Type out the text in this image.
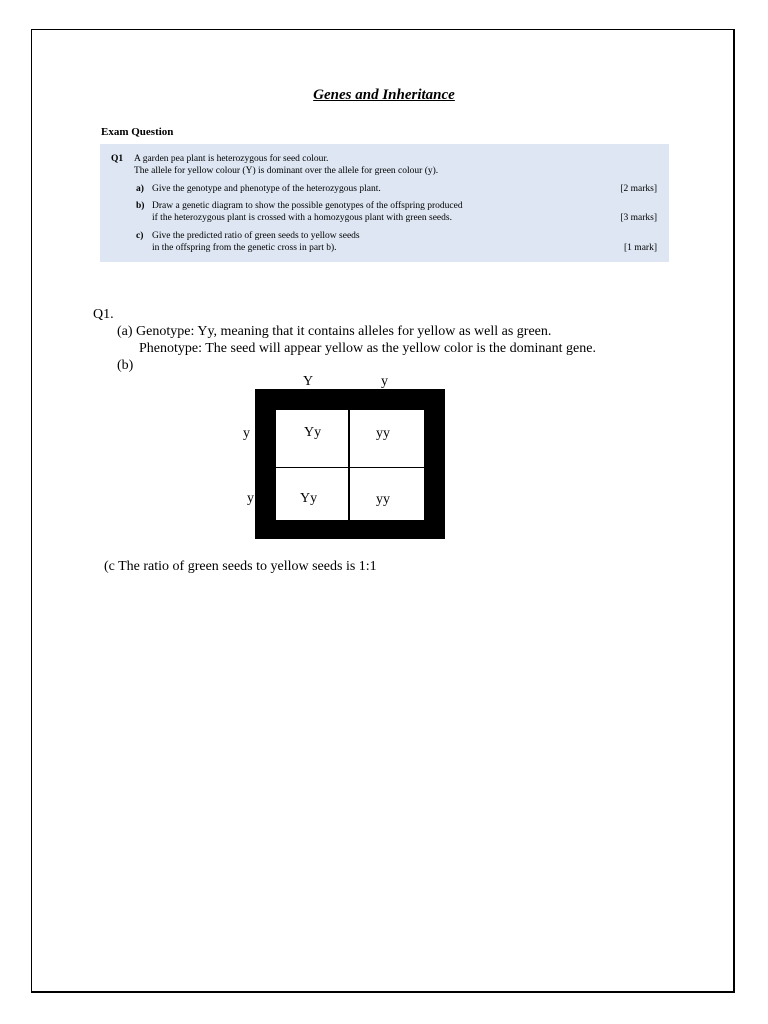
Genes and Inheritance
Exam Question
Q1 A garden pea plant is heterozygous for seed colour.
The allele for yellow colour (Y) is dominant over the allele for green colour (y).
a) Give the genotype and phenotype of the heterozygous plant.	[2 marks]
b) Draw a genetic diagram to show the possible genotypes of the offspring produced
if the heterozygous plant is crossed with a homozygous plant with green seeds.	[3 marks]
c) Give the predicted ratio of green seeds to yellow seeds
in the offspring from the genetic cross in part b).	[1 mark]
Q1.
(a) Genotype: Yy, meaning that it contains alleles for yellow as well as green.
Phenotype: The seed will appear yellow as the yellow color is the dominant gene.
(b)
Y	y
y
y
Yy	yy
Yy	yy
(c The ratio of green seeds to yellow seeds is 1:1
